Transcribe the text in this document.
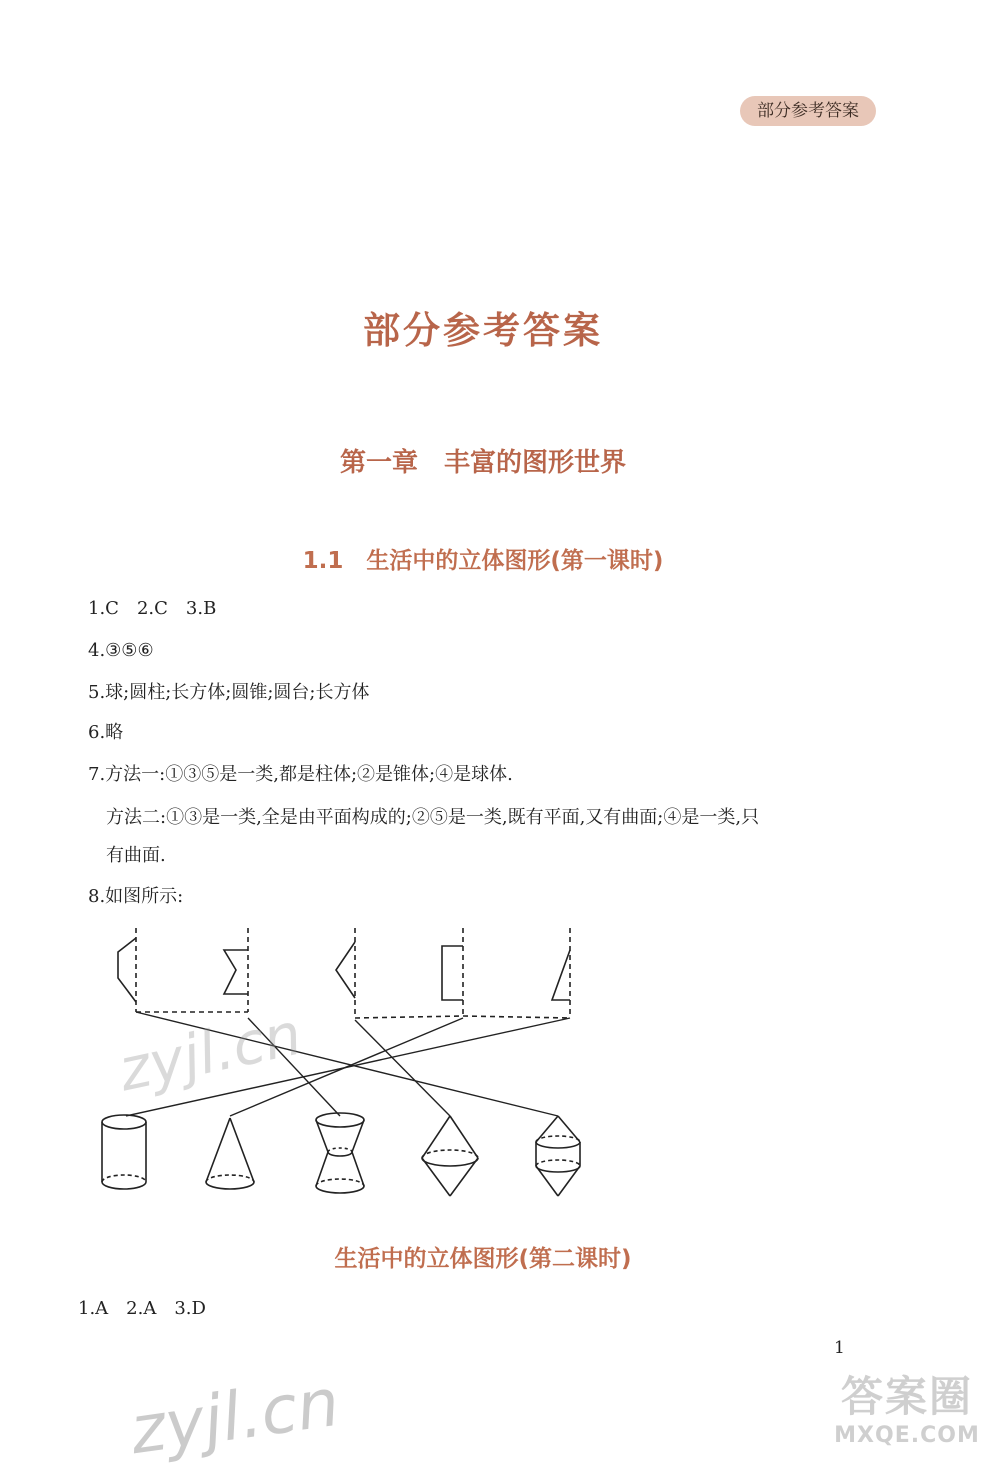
部分参考答案
部分参考答案
第一章　丰富的图形世界
1.1　生活中的立体图形(第一课时)
1.C　2.C　3.B
4.③⑤⑥
5.球;圆柱;长方体;圆锥;圆台;长方体
6.略
7.方法一:①③⑤是一类,都是柱体;②是锥体;④是球体.
方法二:①③是一类,全是由平面构成的;②⑤是一类,既有平面,又有曲面;④是一类,只
有曲面.
8.如图所示:
zyjl.cn
生活中的立体图形(第二课时)
1.A　2.A　3.D
1
zyjl.cn	答案圈
MXQE.COM
